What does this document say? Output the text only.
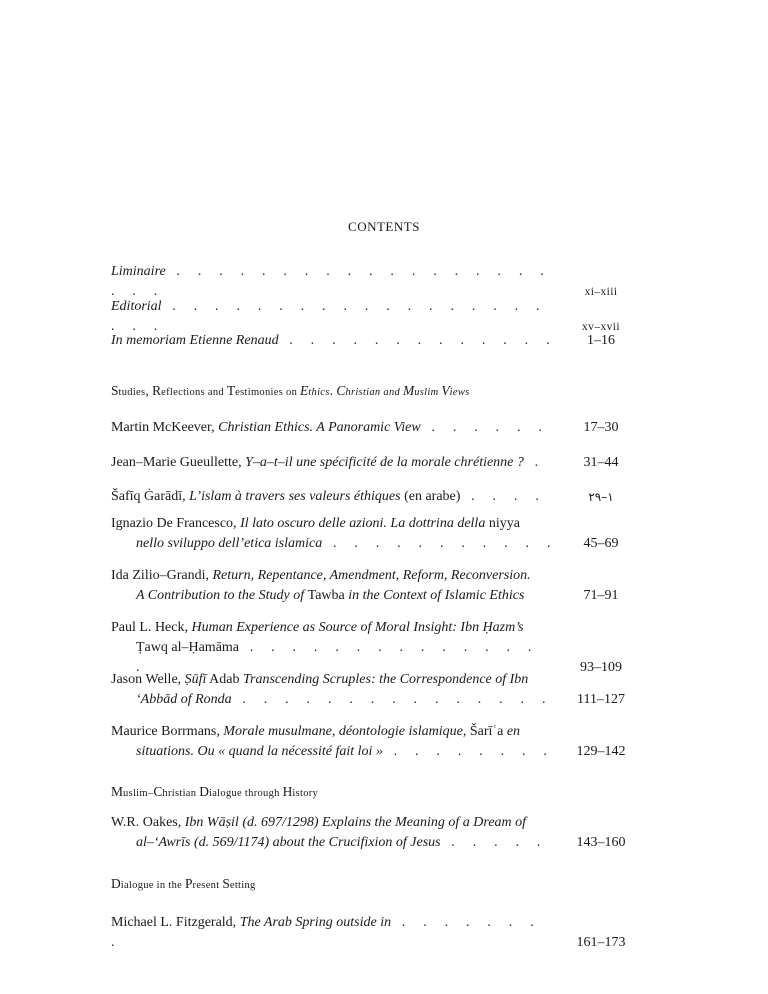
CONTENTS
Liminaire . . . . . . . . . . . . . . . . . . . . .	xi–xiii
Editorial . . . . . . . . . . . . . . . . . . . . .	xv–xvii
In memoriam Etienne Renaud . . . . . . . . . . . . .	1–16
Studies, Reflections and Testimonies on Ethics. Christian and Muslim Views
Martin McKeever, Christian Ethics. A Panoramic View . . . . . .	17–30
Jean–Marie Gueullette, Y–a–t–il une spécificité de la morale chrétienne ? .	31–44
Šafīq Ġarādī, L’islam à travers ses valeurs éthiques (en arabe) . . . .	١–٢٩
Ignazio De Francesco, Il lato oscuro delle azioni. La dottrina della niyya
nello sviluppo dell’etica islamica . . . . . . . . . . .	45–69
Ida Zilio–Grandi, Return, Repentance, Amendment, Reform, Reconversion.
A Contribution to the Study of Tawba in the Context of Islamic Ethics	71–91
Paul L. Heck, Human Experience as Source of Moral Insight: Ibn Ḥazm’s
Ṭawq al–Ḥamāma . . . . . . . . . . . . . . .	93–109
Jason Welle, Ṣūfī Adab Transcending Scruples: the Correspondence of Ibn
‘Abbād of Ronda . . . . . . . . . . . . . . .	111–127
Maurice Borrmans, Morale musulmane, déontologie islamique, Šarīʿa en
situations. Ou « quand la nécessité fait loi » . . . . . . . .	129–142
Muslim–Christian Dialogue through History
W.R. Oakes, Ibn Wāṣil (d. 697/1298) Explains the Meaning of a Dream of
al–‘Awrīs (d. 569/1174) about the Crucifixion of Jesus . . . . .	143–160
Dialogue in the Present Setting
Michael L. Fitzgerald, The Arab Spring outside in . . . . . . . .	161–173
